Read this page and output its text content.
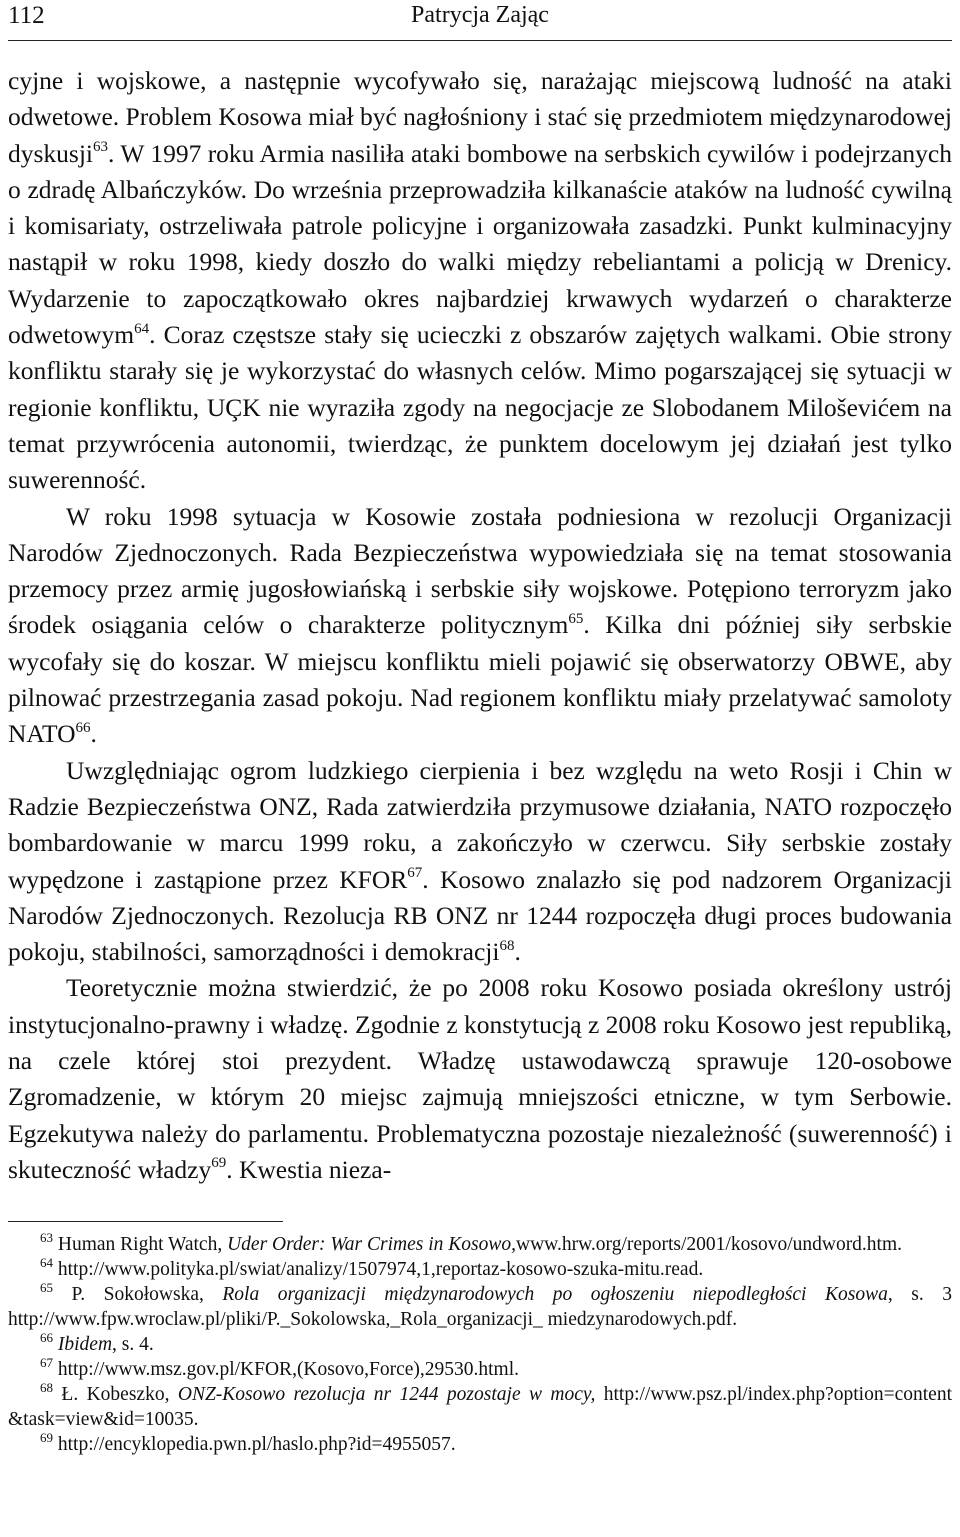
112	Patrycja Zając

cyjne i wojskowe, a następnie wycofywało się, narażając miejscową ludność na ataki odwetowe. Problem Kosowa miał być nagłośniony i stać się przedmiotem międzynarodowej dyskusji$^{63}$. W 1997 roku Armia nasiliła ataki bombowe na serbskich cywilów i podejrzanych o zdradę Albańczyków. Do września przeprowadziła kilkanaście ataków na ludność cywilną i komisariaty, ostrzeliwała patrole policyjne i organizowała zasadzki. Punkt kulminacyjny nastąpił w roku 1998, kiedy doszło do walki między rebeliantami a policją w Drenicy. Wydarzenie to zapoczątkowało okres najbardziej krwawych wydarzeń o charakterze odwetowym$^{64}$. Coraz częstsze stały się ucieczki z obszarów zajętych walkami. Obie strony konfliktu starały się je wykorzystać do własnych celów. Mimo pogarszającej się sytuacji w regionie konfliktu, UÇK nie wyraziła zgody na negocjacje ze Slobodanem Miloševićem na temat przywrócenia autonomii, twierdząc, że punktem docelowym jej działań jest tylko suwerenność.

W roku 1998 sytuacja w Kosowie została podniesiona w rezolucji Organizacji Narodów Zjednoczonych. Rada Bezpieczeństwa wypowiedziała się na temat stosowania przemocy przez armię jugosłowiańską i serbskie siły wojskowe. Potępiono terroryzm jako środek osiągania celów o charakterze politycznym$^{65}$. Kilka dni później siły serbskie wycofały się do koszar. W miejscu konfliktu mieli pojawić się obserwatorzy OBWE, aby pilnować przestrzegania zasad pokoju. Nad regionem konfliktu miały przelatywać samoloty NATO$^{66}$.

Uwzględniając ogrom ludzkiego cierpienia i bez względu na weto Rosji i Chin w Radzie Bezpieczeństwa ONZ, Rada zatwierdziła przymusowe działania, NATO rozpoczęło bombardowanie w marcu 1999 roku, a zakończyło w czerwcu. Siły serbskie zostały wypędzone i zastąpione przez KFOR$^{67}$. Kosowo znalazło się pod nadzorem Organizacji Narodów Zjednoczonych. Rezolucja RB ONZ nr 1244 rozpoczęła długi proces budowania pokoju, stabilności, samorządności i demokracji$^{68}$.

Teoretycznie można stwierdzić, że po 2008 roku Kosowo posiada określony ustrój instytucjonalno-prawny i władzę. Zgodnie z konstytucją z 2008 roku Kosowo jest republiką, na czele której stoi prezydent. Władzę ustawodawczą sprawuje 120-osobowe Zgromadzenie, w którym 20 miejsc zajmują mniejszości etniczne, w tym Serbowie. Egzekutywa należy do parlamentu. Problematyczna pozostaje niezależność (suwerenność) i skuteczność władzy$^{69}$. Kwestia nieza-

$^{63}$ Human Right Watch, Uder Order: War Crimes in Kosowo,www.hrw.org/reports/2001/kosovo/undword.htm.

$^{64}$ http://www.polityka.pl/swiat/analizy/1507974,1,reportaz-kosowo-szuka-mitu.read.

$^{65}$ P. Sokołowska, Rola organizacji międzynarodowych po ogłoszeniu niepodległości Kosowa, s. 3 http://www.fpw.wroclaw.pl/pliki/P._Sokolowska,_Rola_organizacji_ miedzynarodowych.pdf.

$^{66}$ Ibidem, s. 4.

$^{67}$ http://www.msz.gov.pl/KFOR,(Kosovo,Force),29530.html.

$^{68}$ Ł. Kobeszko, ONZ-Kosowo rezolucja nr 1244 pozostaje w mocy, http://www.psz.pl/index.php?option=content &task=view&id=10035.

$^{69}$ http://encyklopedia.pwn.pl/haslo.php?id=4955057.
